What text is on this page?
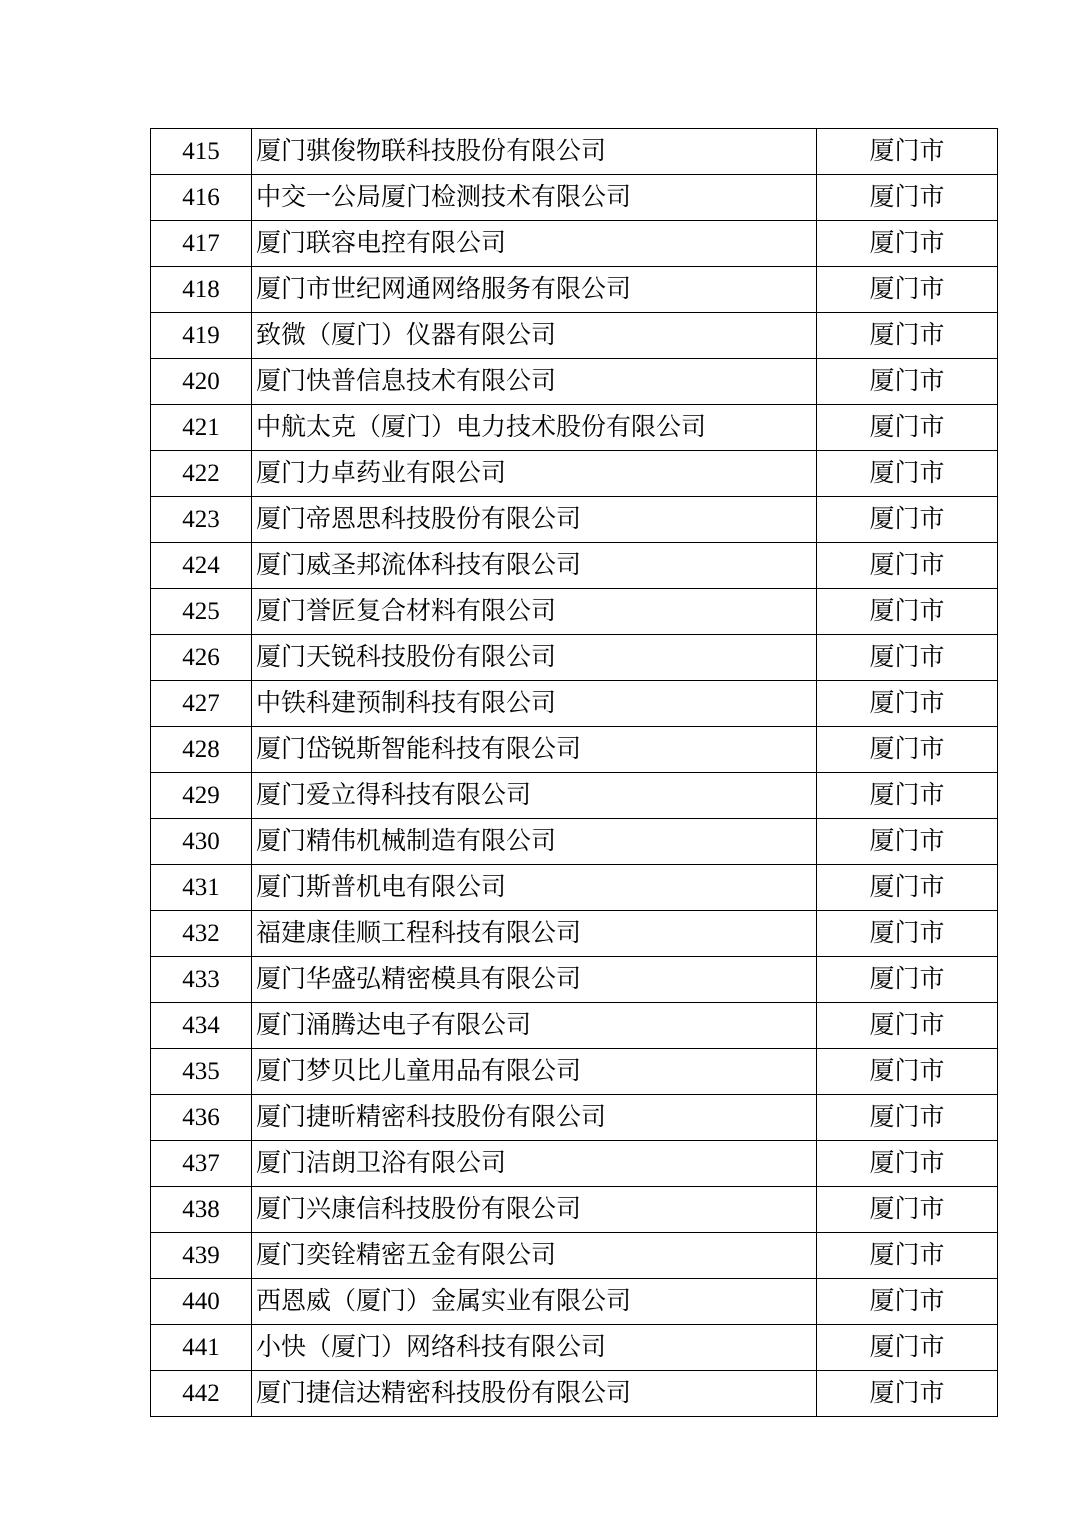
415	厦门骐俊物联科技股份有限公司	厦门市
416	中交一公局厦门检测技术有限公司	厦门市
417	厦门联容电控有限公司	厦门市
418	厦门市世纪网通网络服务有限公司	厦门市
419	致微（厦门）仪器有限公司	厦门市
420	厦门快普信息技术有限公司	厦门市
421	中航太克（厦门）电力技术股份有限公司	厦门市
422	厦门力卓药业有限公司	厦门市
423	厦门帝恩思科技股份有限公司	厦门市
424	厦门威圣邦流体科技有限公司	厦门市
425	厦门誉匠复合材料有限公司	厦门市
426	厦门天锐科技股份有限公司	厦门市
427	中铁科建预制科技有限公司	厦门市
428	厦门岱锐斯智能科技有限公司	厦门市
429	厦门爱立得科技有限公司	厦门市
430	厦门精伟机械制造有限公司	厦门市
431	厦门斯普机电有限公司	厦门市
432	福建康佳顺工程科技有限公司	厦门市
433	厦门华盛弘精密模具有限公司	厦门市
434	厦门涌腾达电子有限公司	厦门市
435	厦门梦贝比儿童用品有限公司	厦门市
436	厦门捷昕精密科技股份有限公司	厦门市
437	厦门洁朗卫浴有限公司	厦门市
438	厦门兴康信科技股份有限公司	厦门市
439	厦门奕铨精密五金有限公司	厦门市
440	西恩威（厦门）金属实业有限公司	厦门市
441	小快（厦门）网络科技有限公司	厦门市
442	厦门捷信达精密科技股份有限公司	厦门市
